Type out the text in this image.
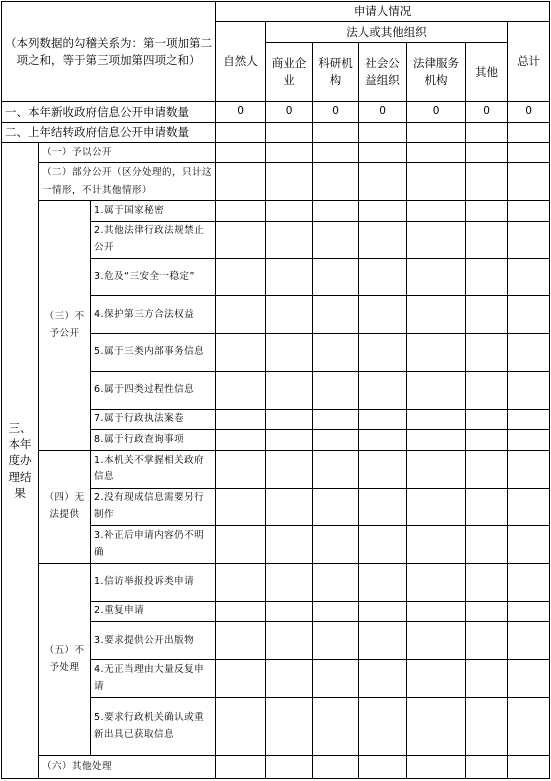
（本列数据的勾稽关系为：第一项加第二项之和，等于第三项加第四项之和）			申请人情况						
			自然人	法人或其他组织					总计
				商业企业	科研机构	社会公益组织	法律服务机构	其他	
一、本年新收政府信息公开申请数量			0	0	0	0	0	0	0
二、上年结转政府信息公开申请数量									
三、本年度办理结果	（一）予以公开								
	（二）部分公开（区分处理的，只计这一情形，不计其他情形）								
	（三）不予公开	1.属于国家秘密							
		2.其他法律行政法规禁止公开							
		3.危及“三安全一稳定”							
		4.保护第三方合法权益							
		5.属于三类内部事务信息							
		6.属于四类过程性信息							
		7.属于行政执法案卷							
		8.属于行政查询事项							
	（四）无法提供	1.本机关不掌握相关政府信息							
		2.没有现成信息需要另行制作							
		3.补正后申请内容仍不明确							
	（五）不予处理	1.信访举报投诉类申请							
		2.重复申请							
		3.要求提供公开出版物							
		4.无正当理由大量反复申请							
		5.要求行政机关确认或重新出具已获取信息							
	（六）其他处理								
